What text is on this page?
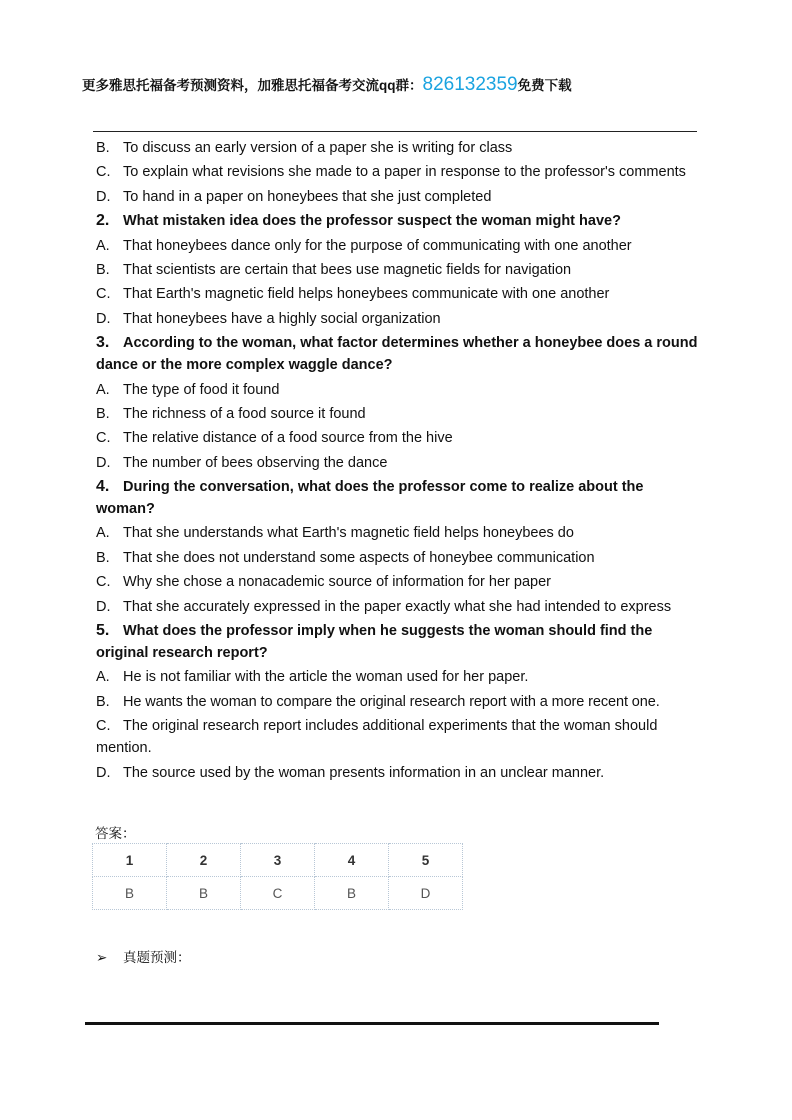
更多雅思托福备考预测资料，加雅思托福备考交流qq群：826132359免费下载
B. To discuss an early version of a paper she is writing for class
C. To explain what revisions she made to a paper in response to the professor's comments
D. To hand in a paper on honeybees that she just completed
2. What mistaken idea does the professor suspect the woman might have?
A. That honeybees dance only for the purpose of communicating with one another
B. That scientists are certain that bees use magnetic fields for navigation
C. That Earth's magnetic field helps honeybees communicate with one another
D. That honeybees have a highly social organization
3. According to the woman, what factor determines whether a honeybee does a round dance or the more complex waggle dance?
A. The type of food it found
B. The richness of a food source it found
C. The relative distance of a food source from the hive
D. The number of bees observing the dance
4. During the conversation, what does the professor come to realize about the woman?
A. That she understands what Earth's magnetic field helps honeybees do
B. That she does not understand some aspects of honeybee communication
C. Why she chose a nonacademic source of information for her paper
D. That she accurately expressed in the paper exactly what she had intended to express
5. What does the professor imply when he suggests the woman should find the original research report?
A. He is not familiar with the article the woman used for her paper.
B. He wants the woman to compare the original research report with a more recent one.
C. The original research report includes additional experiments that the woman should mention.
D. The source used by the woman presents information in an unclear manner.
答案：
1	2	3	4	5
B	B	C	B	D
➢ 真题预测：
